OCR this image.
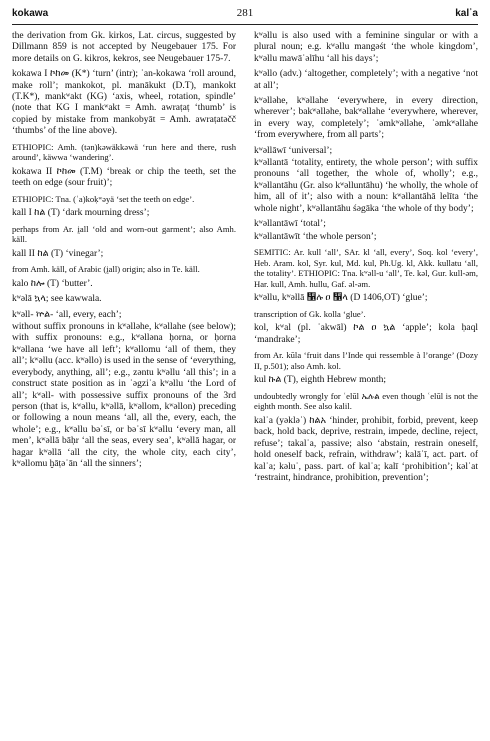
kokawa	281	kalʾa

the derivation from Gk. kirkos, Lat. circus, suggested by Dillmann 859 is not accepted by Neugebauer 175. For more details on G. kikros, kekros, see Neugebauer 175-7.

kokawa I ኮከመ (K*) ‘turn’ (intr); ʾan-kokawa ‘roll around, make roll’; mankokot, pl. manākukt (D.T), mankokt (T.K*), mankʷakt (KG) ‘axis, wheel, rotation, spindle’ (note that KG I mankʷakt = Amh. awraṭaṭ ‘thumb’ is copied by mistake from mankobyāt = Amh. awraṭatəčč ‘thumbs’ of the line above).

ETHIOPIC: Amh. (tən)kəwäkkəwä ‘run here and there, rush around’, käwwa ‘wandering’.

kokawa II ኮከመ (T.M) ‘break or chip the teeth, set the teeth on edge (sour fruit)’;

ETHIOPIC: Tna. (ʾa)koḳʷəyä ‘set the teeth on edge’.

kall I ከል (T) ‘dark mourning dress’;

perhaps from Ar. ḭall ‘old and worn-out garment’; also Amh. käll.

kall II ከል (T) ‘vinegar’;

from Amh. käll, of Arabic (ḭall) origin; also in Te. käll.

kalo ከሎ (T) ‘butter’.

kʷəlā ኳላ; see kawwala.

kʷəll- ኵል- ‘all, every, each’;

without suffix pronouns in kʷəlləhe, kʷəllahe (see below); with suffix pronouns: e.g., kʷəlləna ḥorna, or ḥorna kʷəlləna ‘we have all left’; kʷəllomu ‘all of them, they all’; kʷəllu (acc. kʷəllo) is used in the sense of ‘everything, everybody, anything, all’; e.g., zəntu kʷəllu ‘all this’; in a construct state position as in ʾəgziʾa kʷəllu ‘the Lord of all’; kʷəll- with possessive suffix pronouns of the 3rd person (that is, kʷəllu, kʷəllā, kʷəllom, kʷəllon) preceding or following a noun means ‘all, all the, every, each, the whole’; e.g., kʷəllu bəʾsī, or bəʾsī kʷəllu ‘every man, all men’, kʷəllā bāḥr ‘all the seas, every sea’, kʷəllā hagar, or hagar kʷəllā ‘all the city, the whole city, each city’, kʷəllomu ḫāṭəʾān ‘all the sinners’;

kʷəllu is also used with a feminine singular or with a plural noun; e.g. kʷəllu mangəśt ‘the whole kingdom’, kʷəllu mawāʿəlīhu ‘all his days’;

kʷəllo (adv.) ‘altogether, completely’; with a negative ‘not at all’;

kʷəlləhe, kʷəllahe ‘everywhere, in every direction, wherever’; bakʷəlləhe, bakʷəllahe ‘everywhere, wherever, in every way, completely’; ʿəmkʷəlləhe, ʿəmkʷəllahe ‘from everywhere, from all parts’;

kʷəllāwī ‘universal’;

kʷəllantā ‘totality, entirety, the whole person’; with suffix pronouns ‘all together, the whole of, wholly’; e.g., kʷəllantāhu (Gr. also kʷəlluntāhu) ‘he wholly, the whole of him, all of it’; also with a noun: kʷəllantāhā lelīta ‘the whole night’, kʷəllantāhu śəgāka ‘the whole of thy body’;

kʷəllantāwī ‘total’;

kʷəllantāwīt ‘the whole person’;

SEMITIC: Ar. kull ‘all’, SAr. kl ‘all, every’, Soq. kol ‘every’, Heb. Aram. kol, Syr. kul, Md. kul, Ph.Ug. kl, Akk. kullatu ‘all, the totality’. ETHIOPIC: Tna. kʷəll-u ‘all’, Te. kəl, Gur. kull-əm, Har. kull, Amh. hullu, Gaf. əl-əm.

kʷəllu, kʷəllā ኱ሉ ዐ ኱ላ (D 1406,OT) ‘glue’;

transcription of Gk. kolla ‘glue’.

kol, kʷal (pl. ʾakwāl) ኮል ዐ ኳል ‘apple’; kola ḥaql ‘mandrake’;

from Ar. kūla ‘fruit dans l’Inde qui ressemble à l’orange’ (Dozy II, p.501); also Amh. kol.

kul ኩል (T), eighth Hebrew month;

undoubtedly wrongly for ʿelūl ኤሉል even though ʿelūl is not the eighth month. See also kalil.

kalʾa (yəkləʾ) ከልአ ‘hinder, prohibit, forbid, prevent, keep back, hold back, deprive, restrain, impede, decline, reject, refuse’; takalʾa, passive; also ‘abstain, restrain oneself, hold oneself back, refrain, withdraw’; kalāʾī, act. part. of kalʾa; kəluʾ, pass. part. of kalʾa; kalī ‘prohibition’; kəlʾat ‘restraint, hindrance, prohibition, prevention’;
